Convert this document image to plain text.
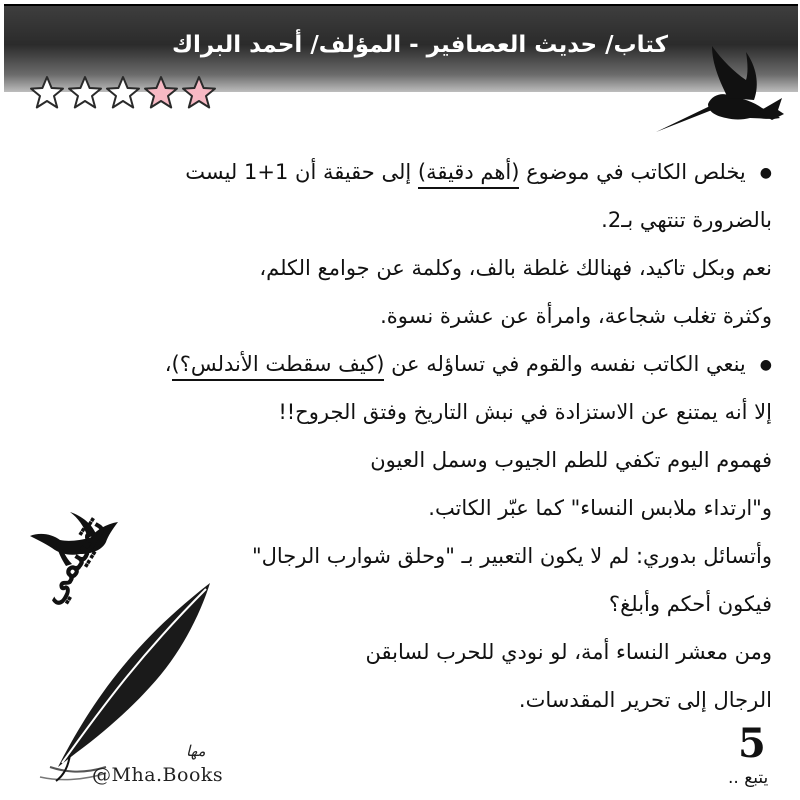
كتاب/ حديث العصافير - المؤلف/ أحمد البراك
تقييمي
●يخلص الكاتب في موضوع (أهم دقيقة) إلى حقيقة أن 1+1 ليست
بالضرورة تنتهي بـ2.
نعم وبكل تاكيد، فهنالك غلطة بالف، وكلمة عن جوامع الكلم،
وكثرة تغلب شجاعة، وامرأة عن عشرة نسوة.
●ينعي الكاتب نفسه والقوم في تساؤله عن (كيف سقطت الأندلس؟)،
إلا أنه يمتنع عن الاستزادة في نبش التاريخ وفتق الجروح!!
فهموم اليوم تكفي للطم الجيوب وسمل العيون
و"ارتداء ملابس النساء" كما عبّر الكاتب.
وأتسائل بدوري: لم لا يكون التعبير بـ "وحلق شوارب الرجال"
فيكون أحكم وأبلغ؟
ومن معشر النساء أمة، لو نودي للحرب لسابقن
الرجال إلى تحرير المقدسات.
مها
@Mha.Books
5
يتبع ..
